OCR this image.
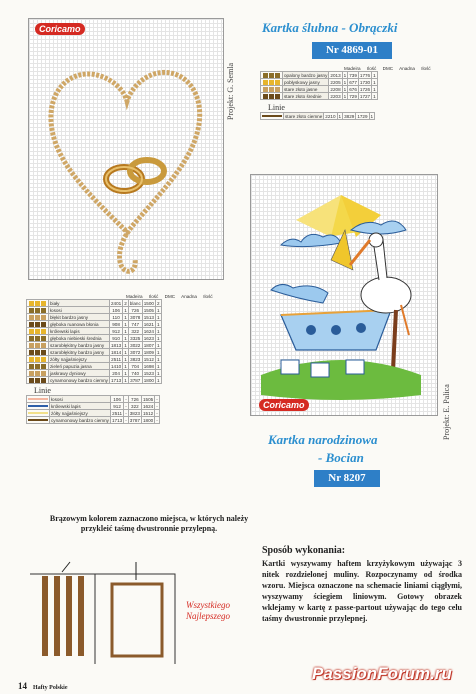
Coricamo
Projekt: G. Semla
Kartka ślubna - Obrączki
Nr 4869-01
Madeira Ilość DMC Anadna Ilość
	opalony bardzo jasny	2013	1	739	1776	1
	pobłyskowy jasny	2205	1	677	1730	1
	stare złoto jasne	2208	1	676	1726	1
	stare złoto średnie	2203	1	729	1727	1
Linie
	stare złoto ciemne	2210	1	3829	1729	1
Coricamo	Projekt: E. Palica
Madeira Ilość DMC Anadna Ilość
	biały	2401	2	blanc	1500	2
	łososi	106	1	726	1505	1
	błękit bardzo jasny	110	1	3078	1513	1
	głęboka ruanowa błonia	908	1	747	1621	1
	królewski lapis	912	1	322	1624	1
	głęboka niebieski średnia	910	1	3325	1623	1
	szarobłękitny bardzo jasny	1813	1	3022	1807	1
	szarobłękitny bardzo jasny	1814	1	3072	1809	1
	żółty najjaśniejszy	2511	1	3823	1512	1
	zieleń papuzia jasna	1410	1	704	1698	1
	jaskrawy dyniowy	204	1	740	1523	1
	cynamonowy bardzo ciemny	1713	1	3787	1800	1
Linie
	łososi	106	-	726	1505	-
	królewski lapis	912	-	322	1624	-
	żółty najjaśniejszy	2511	-	3823	1512	-
	cynamonowy bardzo ciemny	1713	-	3787	1800	-
Kartka narodzinowa
- Bocian
Nr 8207
Brązowym kolorem zaznaczono miejsca, w których należy przykleić taśmę dwustronnie przylepną.
Wszystkiego Najlepszego
Sposób wykonania:
Kartki wyszywamy haftem krzyżykowym używając 3 nitek rozdzielonej muliny. Rozpoczynamy od środka wzoru. Miejsca oznaczone na schemacie liniami ciągłymi, wyszywamy ściegiem liniowym. Gotowy obrazek wklejamy w kartę z passe-partout używając do tego celu taśmy dwustronnie przylepnej.
14 Hafty Polskie
PassionForum.ru
